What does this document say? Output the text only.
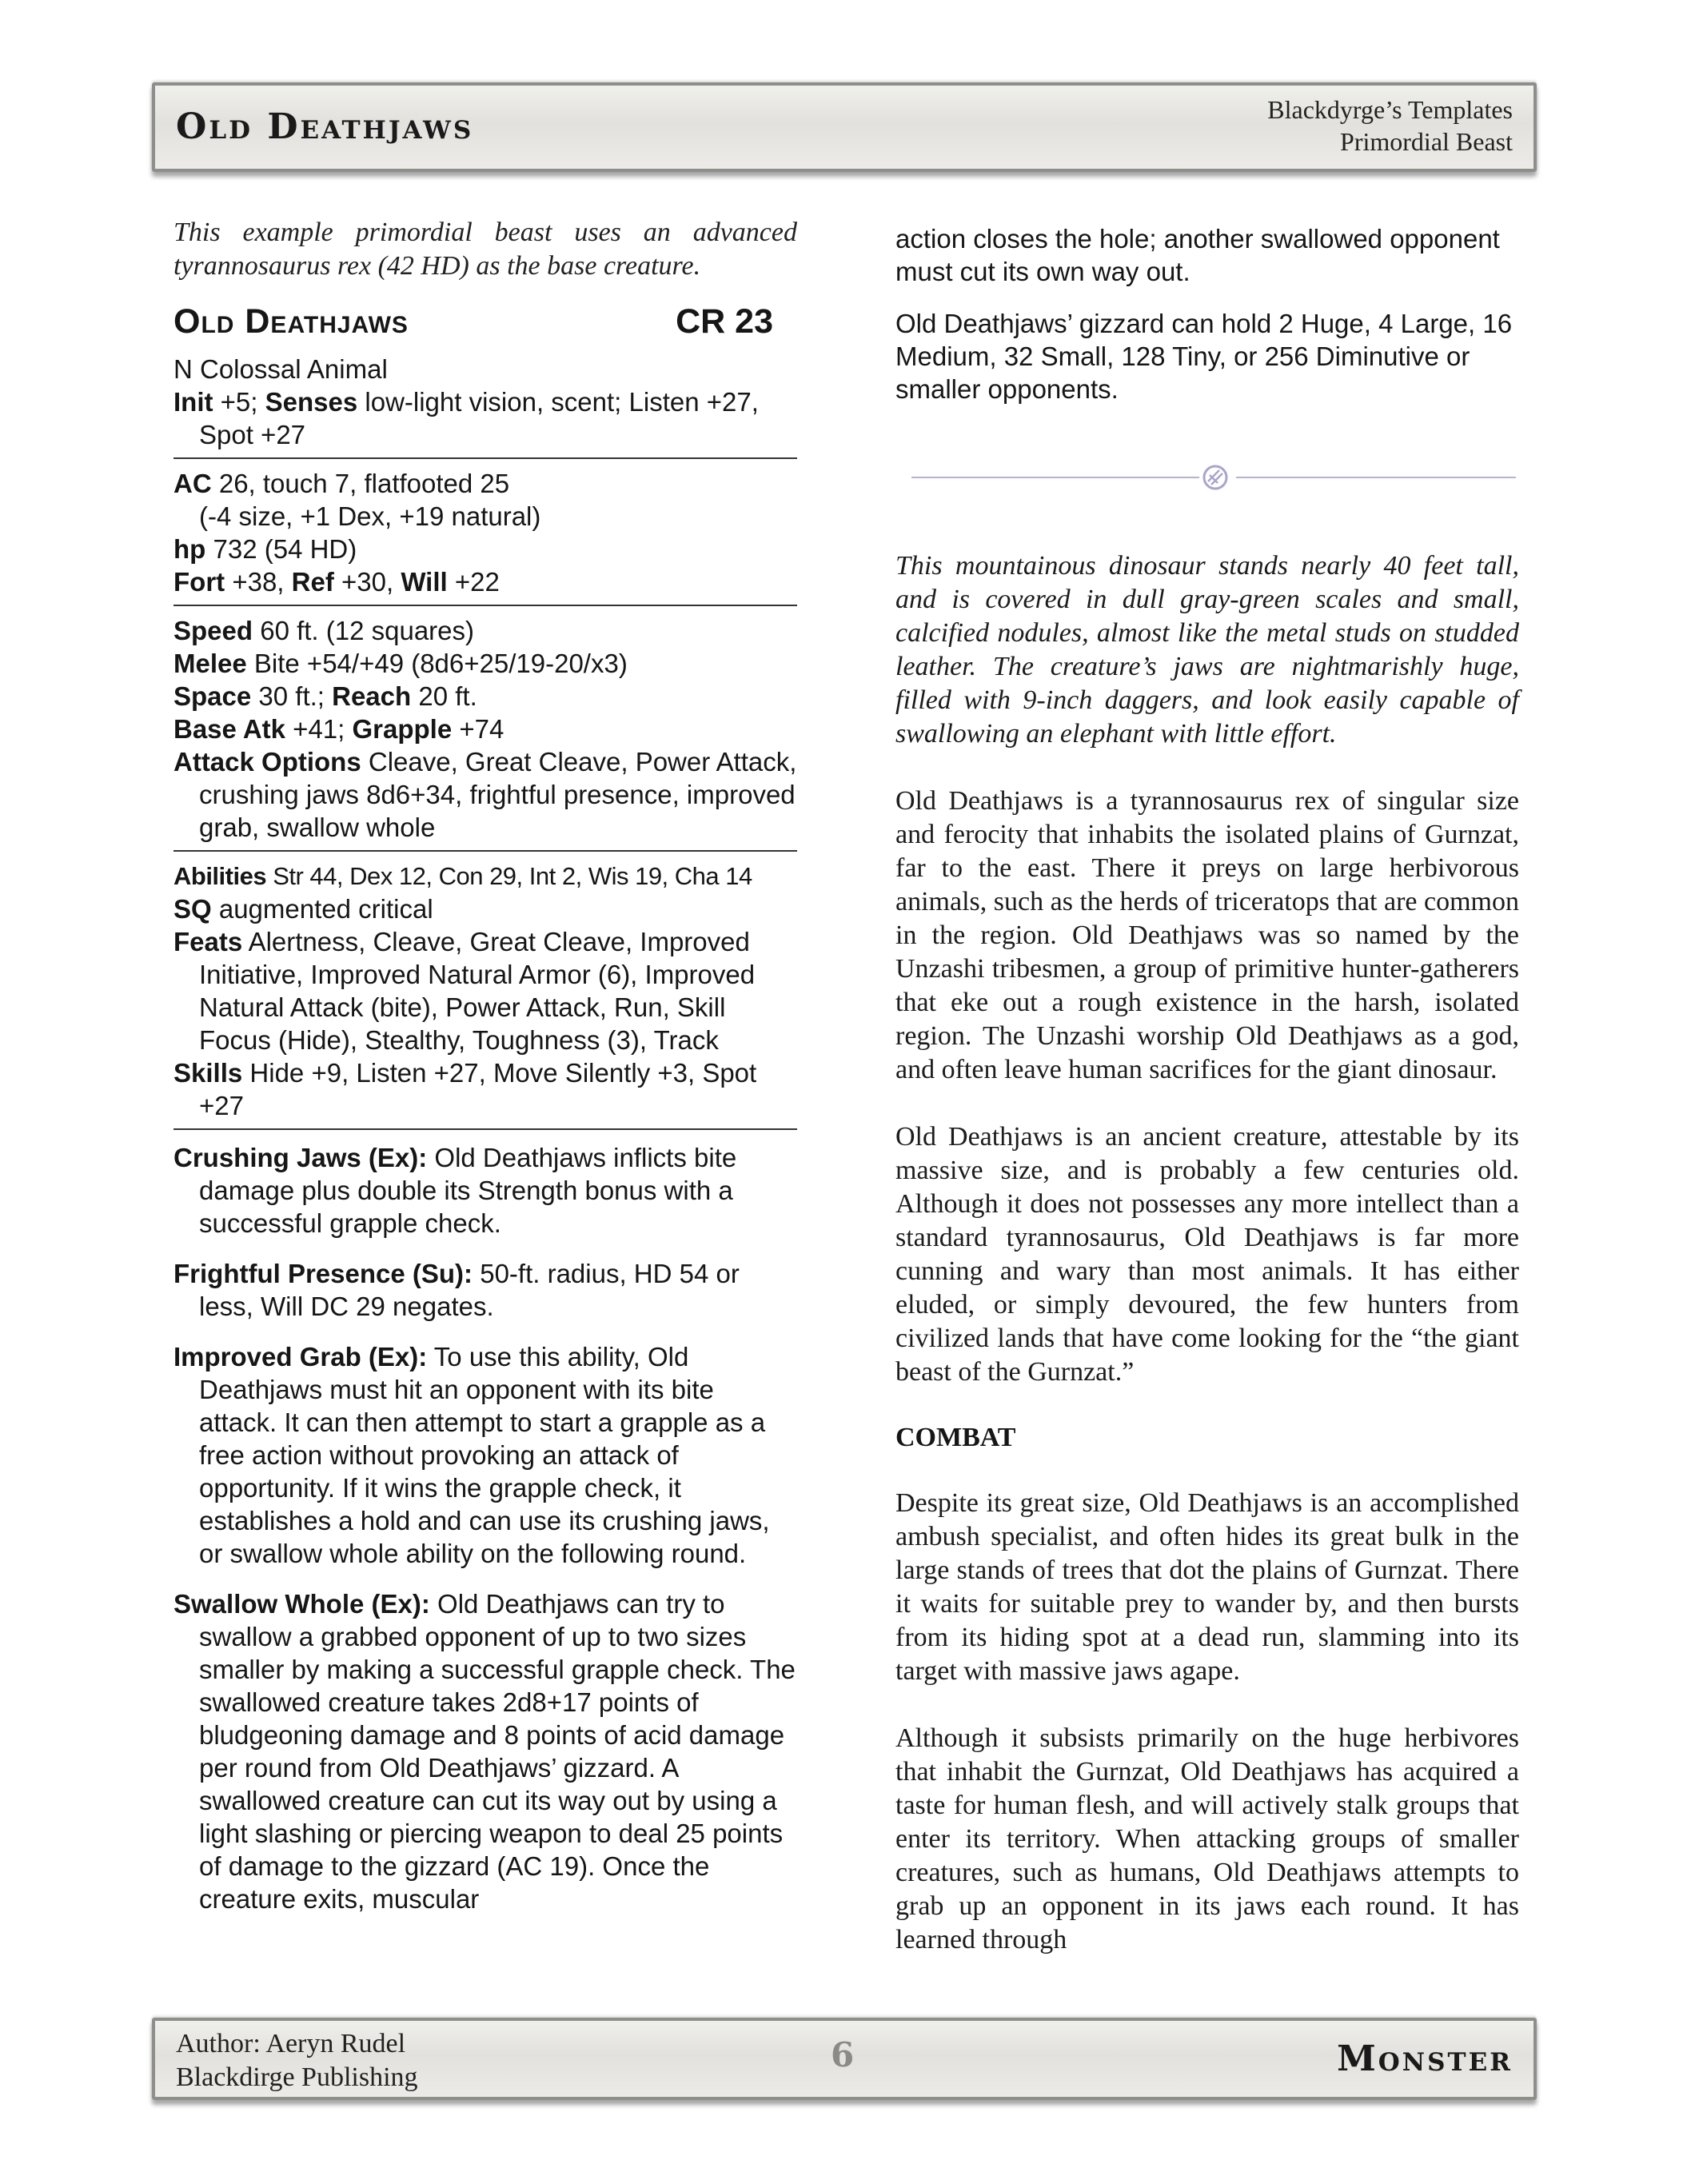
Old Deathjaws	Blackdyrge’s Templates
Primordial Beast

This example primordial beast uses an advanced tyrannosaurus rex (42 HD) as the base creature.

Old Deathjaws	CR 23

N Colossal Animal

Init +5; Senses low-light vision, scent; Listen +27, Spot +27

AC 26, touch 7, flatfooted 25

(-4 size, +1 Dex, +19 natural)

hp 732 (54 HD)

Fort +38, Ref +30, Will +22

Speed 60 ft. (12 squares)

Melee Bite +54/+49 (8d6+25/19-20/x3)

Space 30 ft.; Reach 20 ft.

Base Atk +41; Grapple +74

Attack Options Cleave, Great Cleave, Power Attack, crushing jaws 8d6+34, frightful presence, improved grab, swallow whole

Abilities Str 44, Dex 12, Con 29, Int 2, Wis 19, Cha 14

SQ augmented critical

Feats Alertness, Cleave, Great Cleave, Improved Initiative, Improved Natural Armor (6), Improved Natural Attack (bite), Power Attack, Run, Skill Focus (Hide), Stealthy, Toughness (3), Track

Skills Hide +9, Listen +27, Move Silently +3, Spot +27

Crushing Jaws (Ex): Old Deathjaws inflicts bite damage plus double its Strength bonus with a successful grapple check.

Frightful Presence (Su): 50-ft. radius, HD 54 or less, Will DC 29 negates.

Improved Grab (Ex): To use this ability, Old Deathjaws must hit an opponent with its bite attack. It can then attempt to start a grapple as a free action without provoking an attack of opportunity. If it wins the grapple check, it establishes a hold and can use its crushing jaws, or swallow whole ability on the following round.

Swallow Whole (Ex): Old Deathjaws can try to swallow a grabbed opponent of up to two sizes smaller by making a successful grapple check. The swallowed creature takes 2d8+17 points of bludgeoning damage and 8 points of acid damage per round from Old Deathjaws’ gizzard. A swallowed creature can cut its way out by using a light slashing or piercing weapon to deal 25 points of damage to the gizzard (AC 19). Once the creature exits, muscular

action closes the hole; another swallowed opponent must cut its own way out.

Old Deathjaws’ gizzard can hold 2 Huge, 4 Large, 16 Medium, 32 Small, 128 Tiny, or 256 Diminutive or smaller opponents.

This mountainous dinosaur stands nearly 40 feet tall, and is covered in dull gray-green scales and small, calcified nodules, almost like the metal studs on studded leather. The creature’s jaws are nightmarishly huge, filled with 9-inch daggers, and look easily capable of swallowing an elephant with little effort.

Old Deathjaws is a tyrannosaurus rex of singular size and ferocity that inhabits the isolated plains of Gurnzat, far to the east. There it preys on large herbivorous animals, such as the herds of triceratops that are common in the region. Old Deathjaws was so named by the Unzashi tribesmen, a group of primitive hunter-gatherers that eke out a rough existence in the harsh, isolated region. The Unzashi worship Old Deathjaws as a god, and often leave human sacrifices for the giant dinosaur.

Old Deathjaws is an ancient creature, attestable by its massive size, and is probably a few centuries old. Although it does not possesses any more intellect than a standard tyrannosaurus, Old Deathjaws is far more cunning and wary than most animals. It has either eluded, or simply devoured, the few hunters from civilized lands that have come looking for the “the giant beast of the Gurnzat.”

COMBAT

Despite its great size, Old Deathjaws is an accomplished ambush specialist, and often hides its great bulk in the large stands of trees that dot the plains of Gurnzat. There it waits for suitable prey to wander by, and then bursts from its hiding spot at a dead run, slamming into its target with massive jaws agape.

Although it subsists primarily on the huge herbivores that inhabit the Gurnzat, Old Deathjaws has acquired a taste for human flesh, and will actively stalk groups that enter its territory. When attacking groups of smaller creatures, such as humans, Old Deathjaws attempts to grab up an opponent in its jaws each round. It has learned through

Author: Aeryn Rudel
Blackdirge Publishing
6	Monster
